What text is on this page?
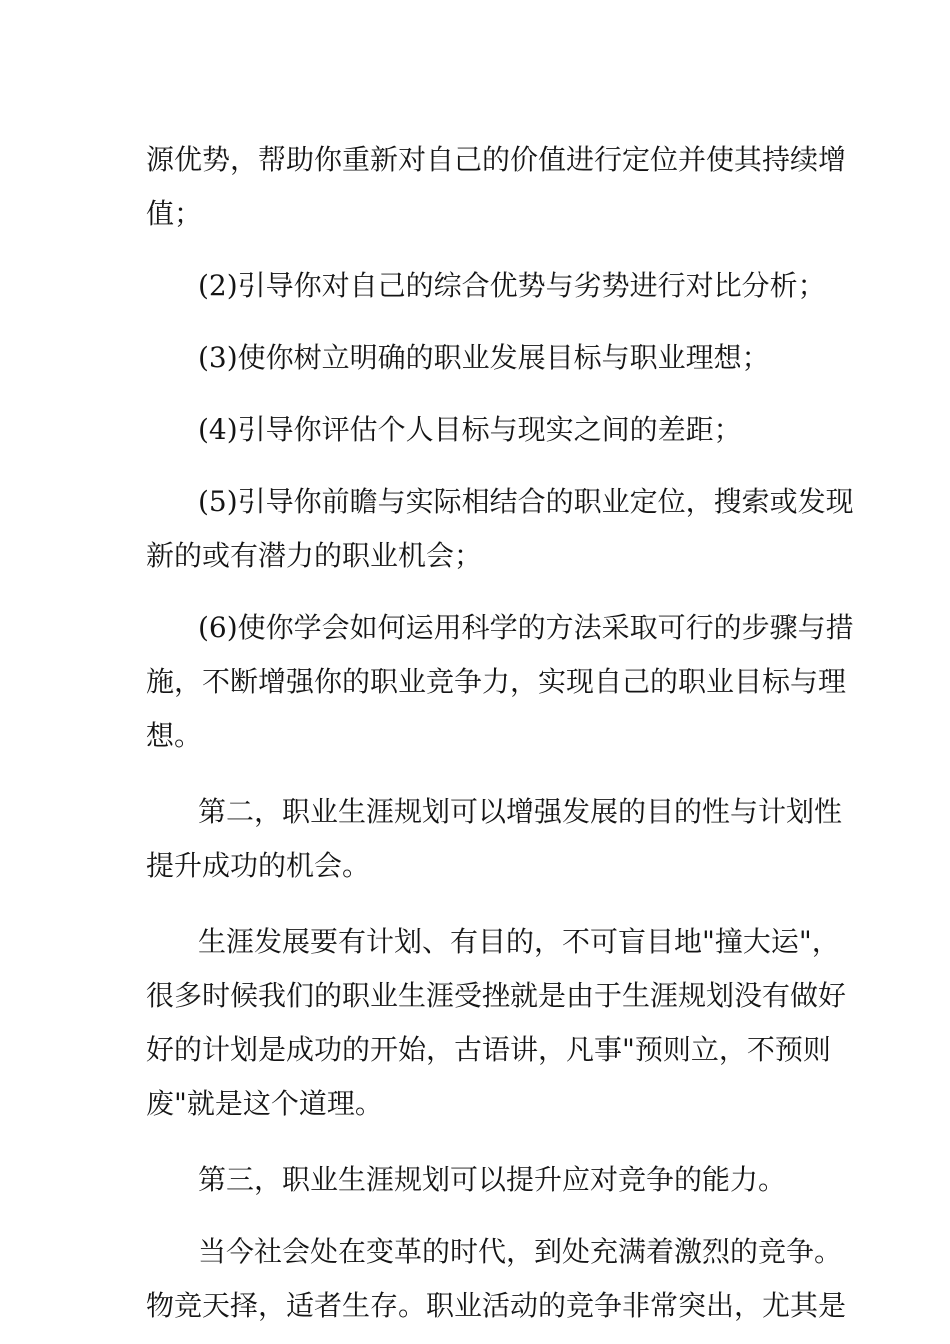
源优势，帮助你重新对自己的价值进行定位并使其持续增
值；
(2)引导你对自己的综合优势与劣势进行对比分析；
(3)使你树立明确的职业发展目标与职业理想；
(4)引导你评估个人目标与现实之间的差距；
(5)引导你前瞻与实际相结合的职业定位，搜索或发现
新的或有潜力的职业机会；
(6)使你学会如何运用科学的方法采取可行的步骤与措
施，不断增强你的职业竞争力，实现自己的职业目标与理
想。
第二，职业生涯规划可以增强发展的目的性与计划性
提升成功的机会。
生涯发展要有计划、有目的，不可盲目地"撞大运"，
很多时候我们的职业生涯受挫就是由于生涯规划没有做好
好的计划是成功的开始，古语讲，凡事"预则立，不预则
废"就是这个道理。
第三，职业生涯规划可以提升应对竞争的能力。
当今社会处在变革的时代，到处充满着激烈的竞争。
物竞天择，适者生存。职业活动的竞争非常突出，尤其是
